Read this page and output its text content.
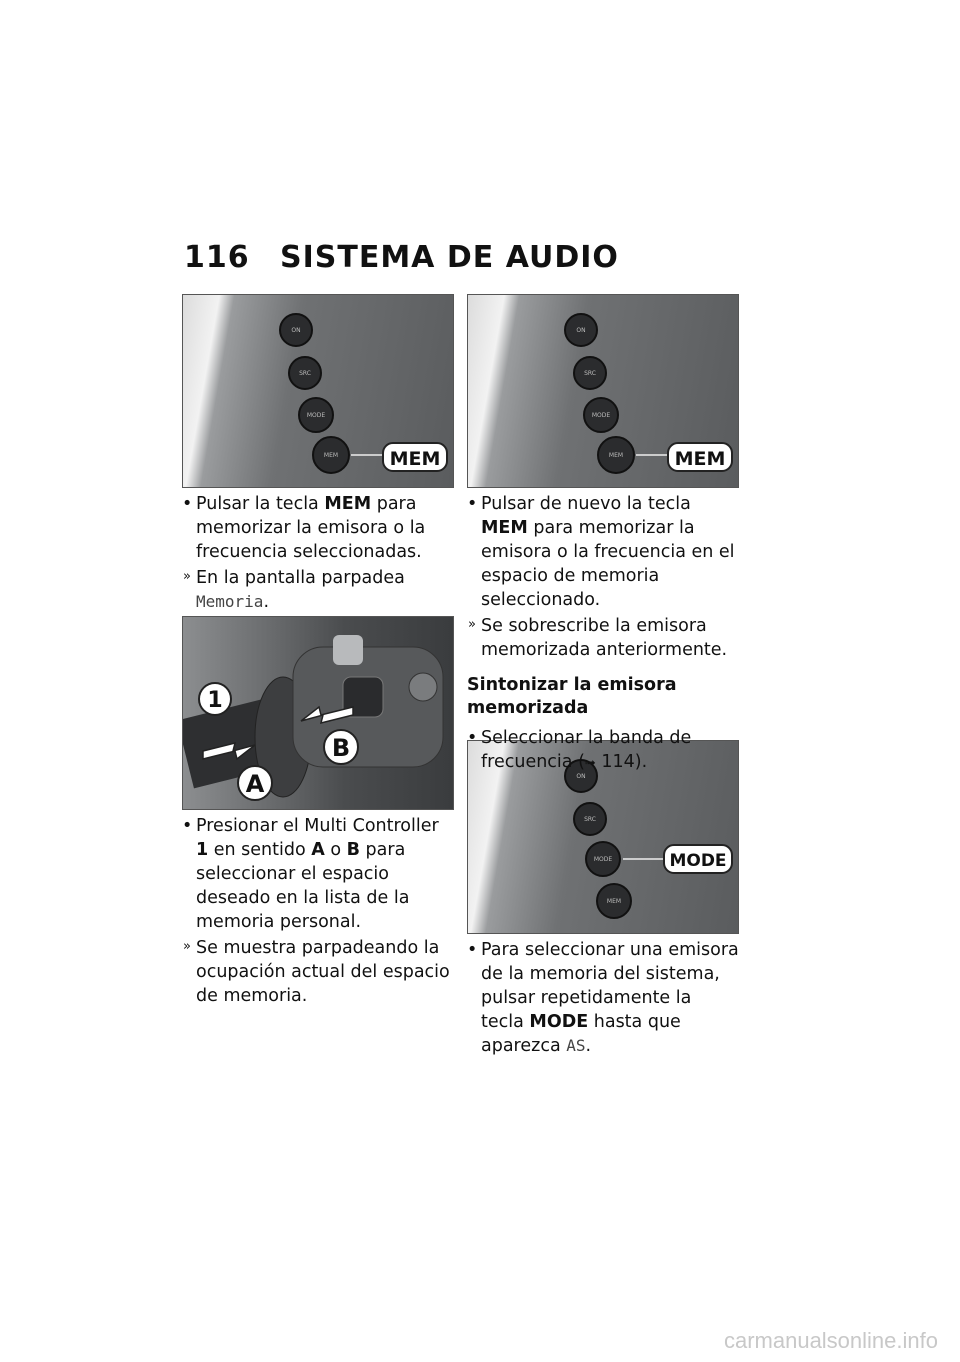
116 SISTEMA DE AUDIO
ON
SRC
MODE
MEM	MEM
ON
SRC
MODE
MEM	MEM
1
B
A	ON
SRC
MODE
MEM
MODE
• Pulsar la tecla MEM para memorizar la emisora o la frecuencia seleccionadas.
» En la pantalla parpadea Memoria.
• Presionar el Multi Controller 1 en sentido A o B para seleccionar el espacio deseado en la lista de la memoria personal.
» Se muestra parpadeando la ocupación actual del espacio de memoria.
• Pulsar de nuevo la tecla MEM para memorizar la emisora o la frecuencia en el espacio de memoria seleccionado.
» Se sobrescribe la emisora memorizada anteriormente.
Sintonizar la emisora memorizada
• Seleccionar la banda de frecuencia (➟ 114).
• Para seleccionar una emisora de la memoria del sistema, pulsar repetidamente la tecla MODE hasta que aparezca AS.
carmanualsonline.info
